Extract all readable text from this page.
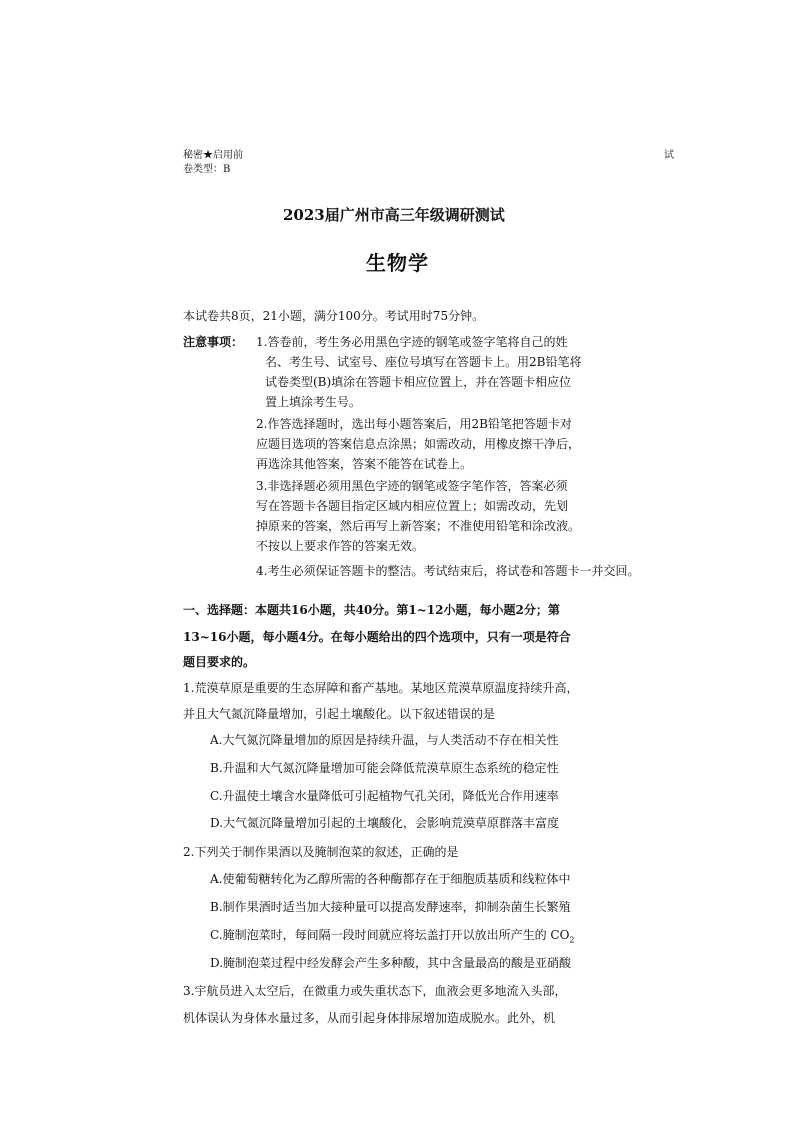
秘密★启用前
卷类型：B
试
2023届广州市高三年级调研测试
生物学
本试卷共8页，21小题，满分100分。考试用时75分钟。
注意事项： 1.答卷前，考生务必用黑色字迹的钢笔或签字笔将自己的姓
名、考生号、试室号、座位号填写在答题卡上。用2B铅笔将
试卷类型(B)填涂在答题卡相应位置上，并在答题卡相应位
置上填涂考生号。
2.作答选择题时，选出每小题答案后，用2B铅笔把答题卡对
应题目选项的答案信息点涂黑；如需改动，用橡皮擦干净后，
再选涂其他答案，答案不能答在试卷上。
3.非选择题必须用黑色字迹的钢笔或签字笔作答，答案必须
写在答题卡各题目指定区域内相应位置上；如需改动，先划
掉原来的答案，然后再写上新答案；不准使用铅笔和涂改液。
不按以上要求作答的答案无效。
4.考生必须保证答题卡的整洁。考试结束后，将试卷和答题卡一并交回。
一、选择题：本题共16小题，共40分。第1~12小题，每小题2分；第
13~16小题，每小题4分。在每小题给出的四个选项中，只有一项是符合
题目要求的。
1.荒漠草原是重要的生态屏障和畜产基地。某地区荒漠草原温度持续升高，
并且大气氮沉降量增加，引起土壤酸化。以下叙述错误的是
A.大气氮沉降量增加的原因是持续升温，与人类活动不存在相关性
B.升温和大气氮沉降量增加可能会降低荒漠草原生态系统的稳定性
C.升温使土壤含水量降低可引起植物气孔关闭，降低光合作用速率
D.大气氮沉降量增加引起的土壤酸化，会影响荒漠草原群落丰富度
2.下列关于制作果酒以及腌制泡菜的叙述，正确的是
A.使葡萄糖转化为乙醇所需的各种酶都存在于细胞质基质和线粒体中
B.制作果酒时适当加大接种量可以提高发酵速率，抑制杂菌生长繁殖
C.腌制泡菜时，每间隔一段时间就应将坛盖打开以放出所产生的 $CO_2$
D.腌制泡菜过程中经发酵会产生多种酸，其中含量最高的酸是亚硝酸
3.宇航员进入太空后，在微重力或失重状态下，血液会更多地流入头部，
机体误认为身体水量过多，从而引起身体排尿增加造成脱水。此外，机
